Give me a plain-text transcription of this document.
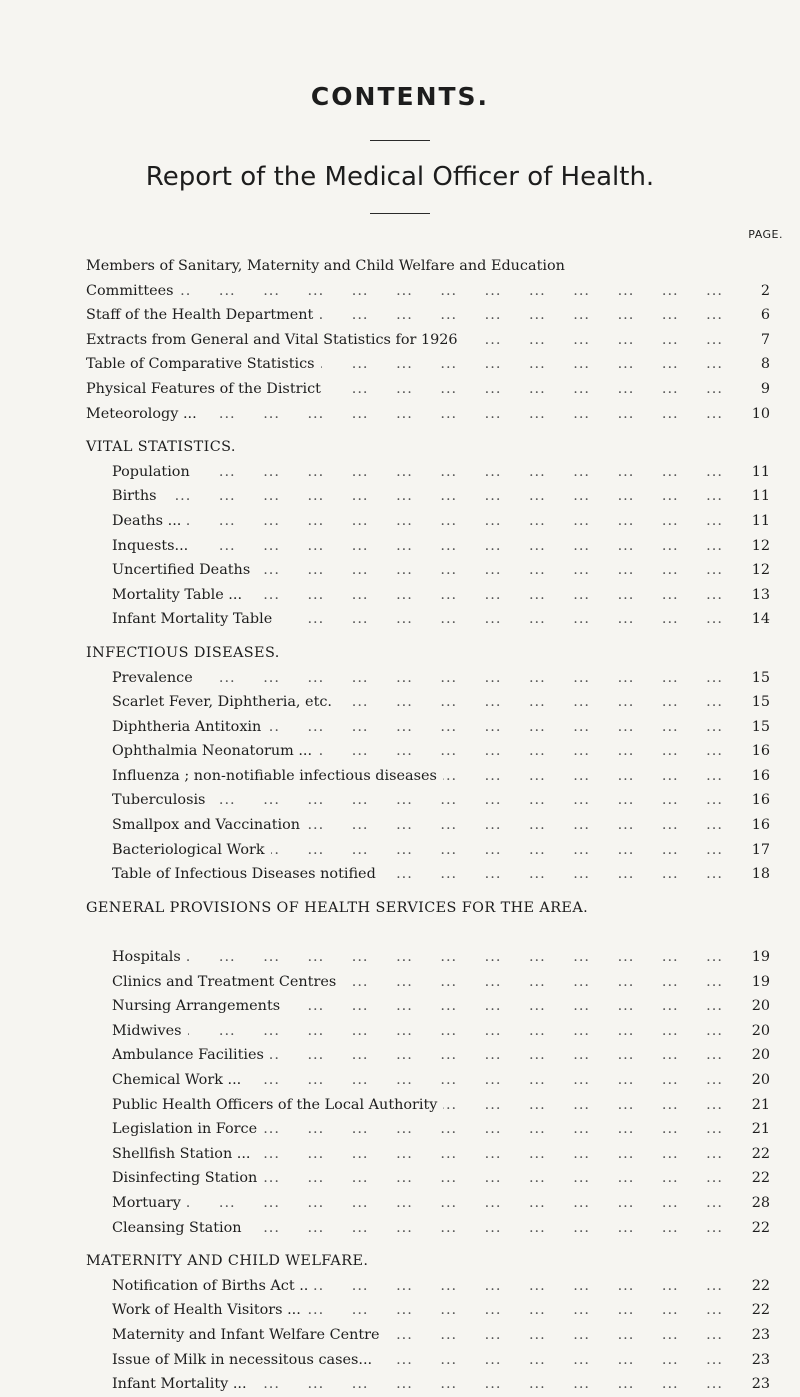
CONTENTS.
Report of the Medical Officer of Health.
PAGE.
Members of Sanitary, Maternity and Child Welfare and Education
... .
Committees	2
... .
Staff of the Health Department	6
... .
Extracts from General and Vital Statistics for 1926	7
... .
Table of Comparative Statistics	8
... .
Physical Features of the District	9
... .
Meteorology ...	10
VITAL STATISTICS.
... .
Population	11
... .
Births	11
... .
Deaths ...	11
... .
Inquests...	12
... .
Uncertified Deaths	12
... .
Mortality Table ...	13
... .
Infant Mortality Table	14
INFECTIOUS DISEASES.
... .
Prevalence	15
... .
Scarlet Fever, Diphtheria, etc.	15
... .
Diphtheria Antitoxin	15
... .
Ophthalmia Neonatorum ...	16
... .
Influenza ; non-notifiable infectious diseases	16
... .
Tuberculosis	16
... .
Smallpox and Vaccination	16
... .
Bacteriological Work	17
... .
Table of Infectious Diseases notified	18
GENERAL PROVISIONS OF HEALTH SERVICES FOR THE AREA.
... .
Hospitals	19
... .
Clinics and Treatment Centres	19
... .
Nursing Arrangements	20
... .
Midwives	20
... .
Ambulance Facilities	20
... .
Chemical Work ...	20
... .
Public Health Officers of the Local Authority	21
... .
Legislation in Force	21
... .
Shellfish Station ...	22
... .
Disinfecting Station	22
... .
Mortuary	28
... .
Cleansing Station	22
MATERNITY AND CHILD WELFARE.
... .
Notification of Births Act ..	22
... .
Work of Health Visitors ...	22
... .
Maternity and Infant Welfare Centre	23
... .
Issue of Milk in necessitous cases...	23
... .
Infant Mortality ...	23
